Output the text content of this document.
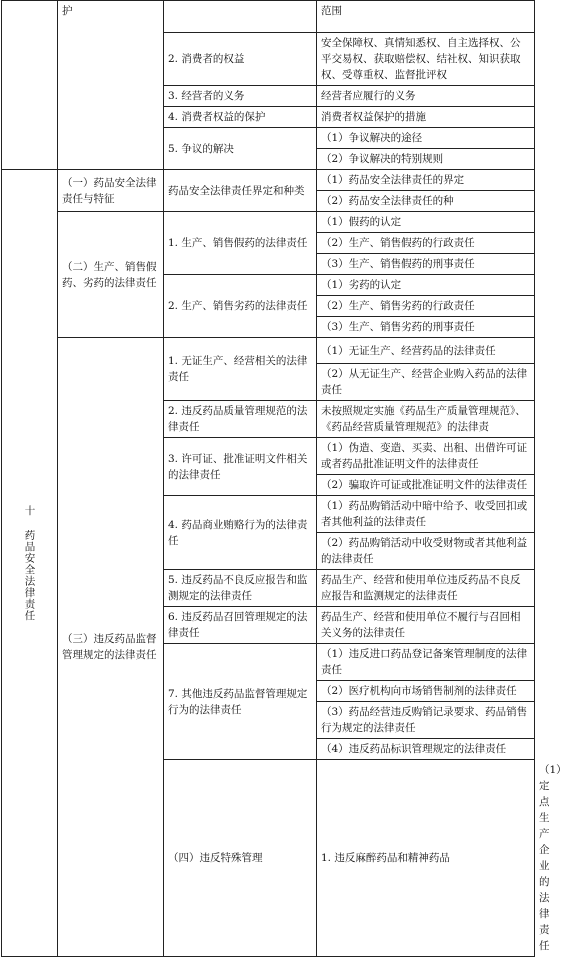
	护		范围	
		2. 消费者的权益	安全保障权、真情知悉权、自主选择权、公平交易权、获取赔偿权、结社权、知识获取权、受尊重权、监督批评权	
		3. 经营者的义务	经营者应履行的义务	
		4. 消费者权益的保护	消费者权益保护的措施	
		5. 争议的解决	（1）争议解决的途径	
			（2）争议解决的特别规则	

十 药品安全法律责任	（一）药品安全法律责任与特征	药品安全法律责任界定和种类	（1）药品安全法律责任的界定	
			（2）药品安全法律责任的种	
	（二）生产、销售假药、劣药的法律责任	1. 生产、销售假药的法律责任	（1）假药的认定	
			（2）生产、销售假药的行政责任	
			（3）生产、销售假药的刑事责任	
		2. 生产、销售劣药的法律责任	（1）劣药的认定	
			（2）生产、销售劣药的行政责任	
			（3）生产、销售劣药的刑事责任	
	（三）违反药品监督管理规定的法律责任	1. 无证生产、经营相关的法律责任	（1）无证生产、经营药品的法律责任	
			（2）从无证生产、经营企业购入药品的法律责任	
		2. 违反药品质量管理规范的法律责任	未按照规定实施《药品生产质量管理规范》、《药品经营质量管理规范》的法律责	
		3. 许可证、批准证明文件相关的法律责任	（1）伪造、变造、买卖、出租、出借许可证或者药品批准证明文件的法律责任	
			（2）骗取许可证或批准证明文件的法律责任	
		4. 药品商业贿赂行为的法律责任	（1）药品购销活动中暗中给予、收受回扣或者其他利益的法律责任	
			（2）药品购销活动中收受财物或者其他利益的法律责任	
		5. 违反药品不良反应报告和监测规定的法律责任	药品生产、经营和使用单位违反药品不良反应报告和监测规定的法律责任	
		6. 违反药品召回管理规定的法律责任	药品生产、经营和使用单位不履行与召回相关义务的法律责任	
		7. 其他违反药品监督管理规定行为的法律责任	（1）违反进口药品登记备案管理制度的法律责任	
			（2）医疗机构向市场销售制剂的法律责任	
			（3）药品经营违反购销记录要求、药品销售行为规定的法律责任	
			（4）违反药品标识管理规定的法律责任	
		（四）违反特殊管理	1. 违反麻醉药品和精神药品	（1）定点生产企业的法律责任
